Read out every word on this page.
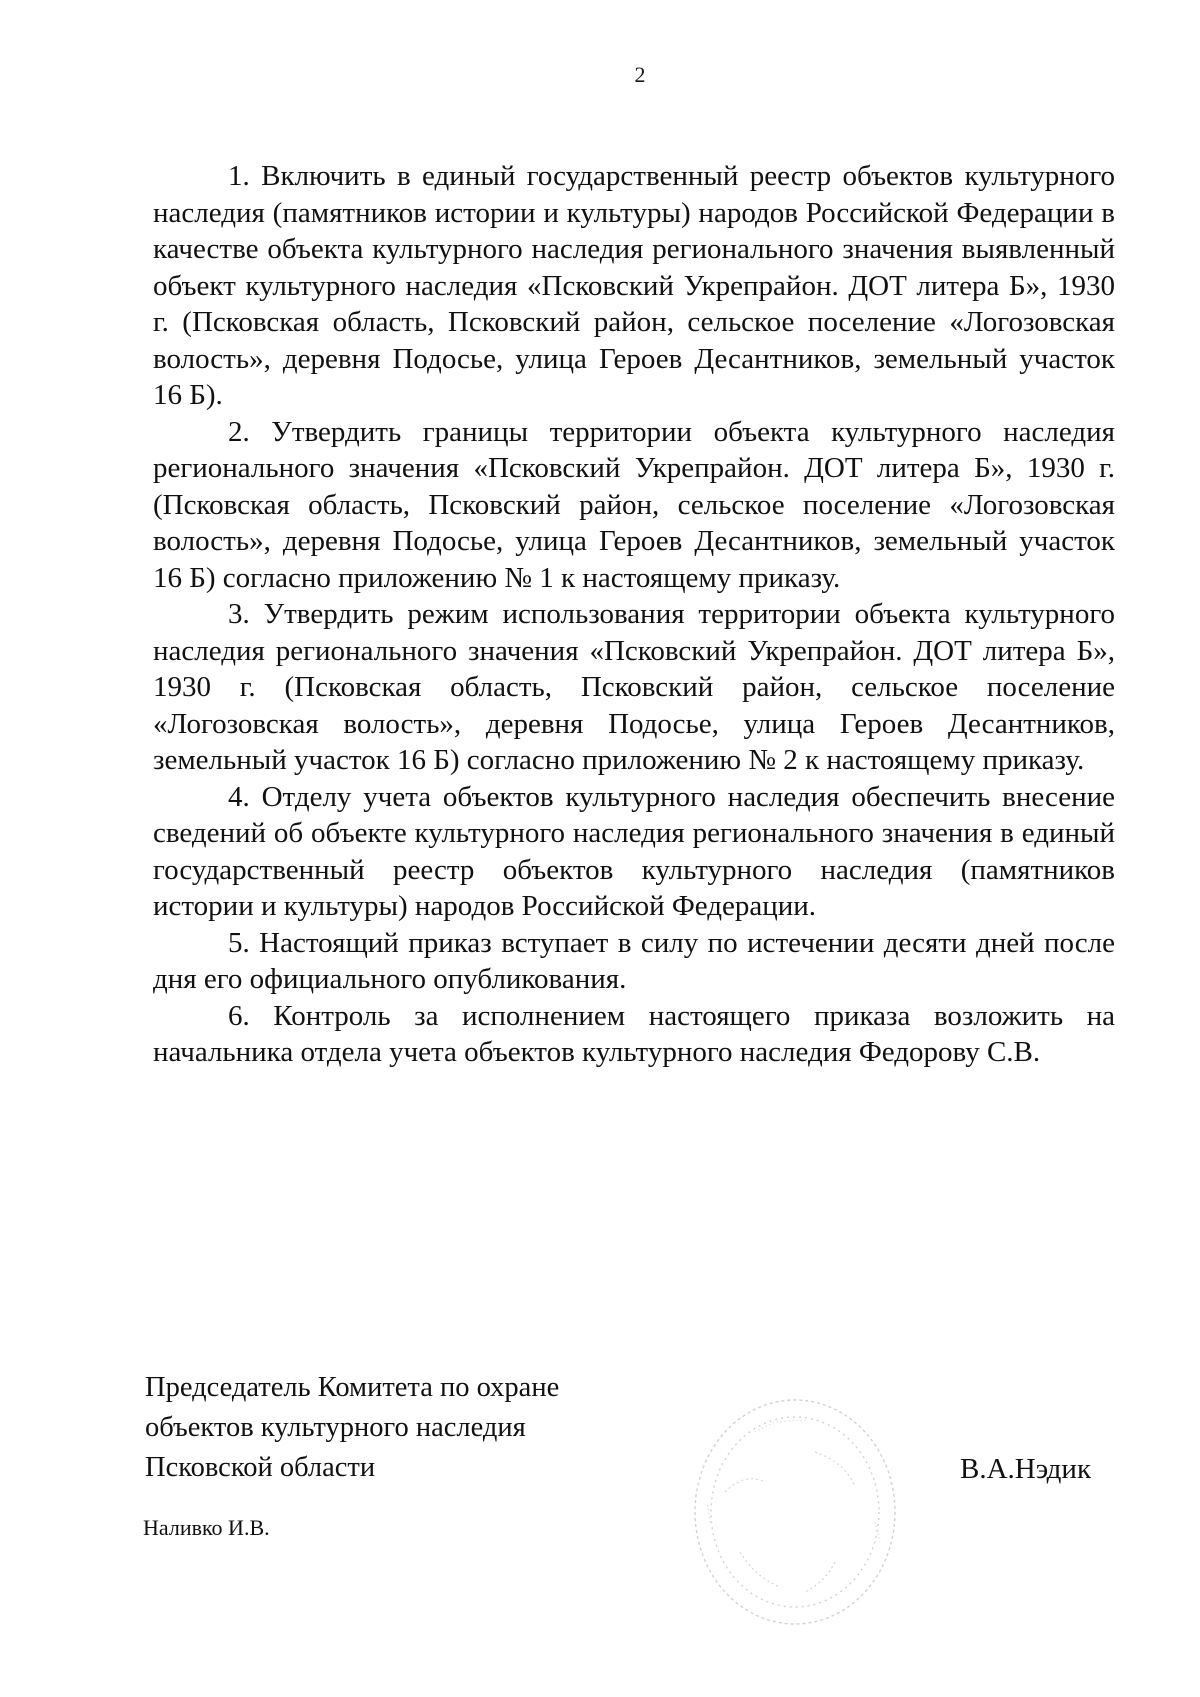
2

1. Включить в единый государственный реестр объектов культурного наследия (памятников истории и культуры) народов Российской Федерации в качестве объекта культурного наследия регионального значения выявленный объект культурного наследия «Псковский Укрепрайон. ДОТ литера Б», 1930 г. (Псковская область, Псковский район, сельское поселение «Логозовская волость», деревня Подосье, улица Героев Десантников, земельный участок 16 Б).

2. Утвердить границы территории объекта культурного наследия регионального значения «Псковский Укрепрайон. ДОТ литера Б», 1930 г. (Псковская область, Псковский район, сельское поселение «Логозовская волость», деревня Подосье, улица Героев Десантников, земельный участок 16 Б) согласно приложению № 1 к настоящему приказу.

3. Утвердить режим использования территории объекта культурного наследия регионального значения «Псковский Укрепрайон. ДОТ литера Б», 1930 г. (Псковская область, Псковский район, сельское поселение «Логозовская волость», деревня Подосье, улица Героев Десантников, земельный участок 16 Б) согласно приложению № 2 к настоящему приказу.

4. Отделу учета объектов культурного наследия обеспечить внесение сведений об объекте культурного наследия регионального значения в единый государственный реестр объектов культурного наследия (памятников истории и культуры) народов Российской Федерации.

5. Настоящий приказ вступает в силу по истечении десяти дней после дня его официального опубликования.

6. Контроль за исполнением настоящего приказа возложить на начальника отдела учета объектов культурного наследия Федорову С.В.

Председатель Комитета по охране
объектов культурного наследия
Псковской области	В.А.Нэдик
Наливко И.В.
